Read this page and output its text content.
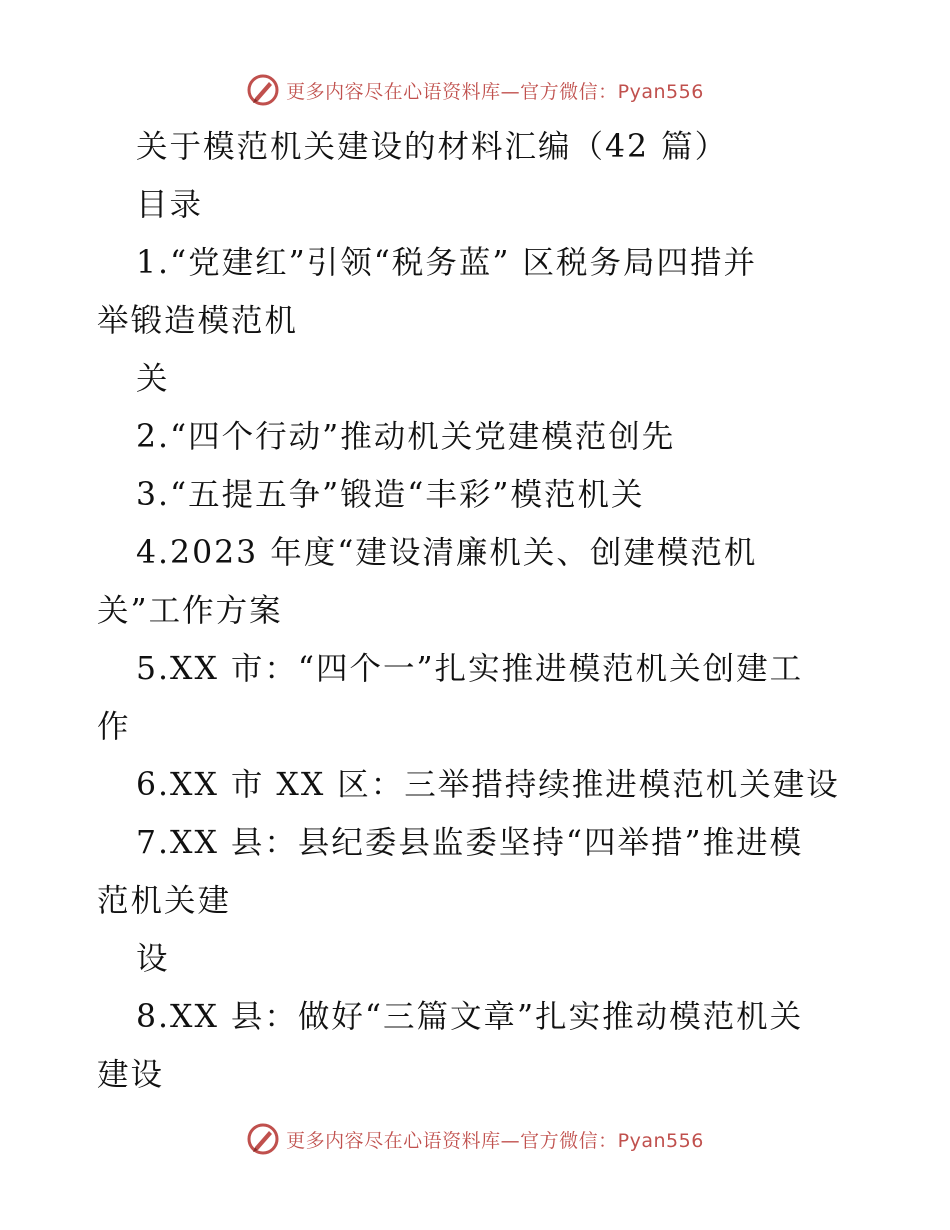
更多内容尽在心语资料库—官方微信：Pyan556
关于模范机关建设的材料汇编（42 篇）
目录
1.“党建红”引领“税务蓝” 区税务局四措并
举锻造模范机
关
2.“四个行动”推动机关党建模范创先
3.“五提五争”锻造“丰彩”模范机关
4.2023 年度“建设清廉机关、创建模范机
关”工作方案
5.XX 市：“四个一”扎实推进模范机关创建工
作
6.XX 市 XX 区：三举措持续推进模范机关建设
7.XX 县：县纪委县监委坚持“四举措”推进模
范机关建
设
8.XX 县：做好“三篇文章”扎实推动模范机关
建设
更多内容尽在心语资料库—官方微信：Pyan556
